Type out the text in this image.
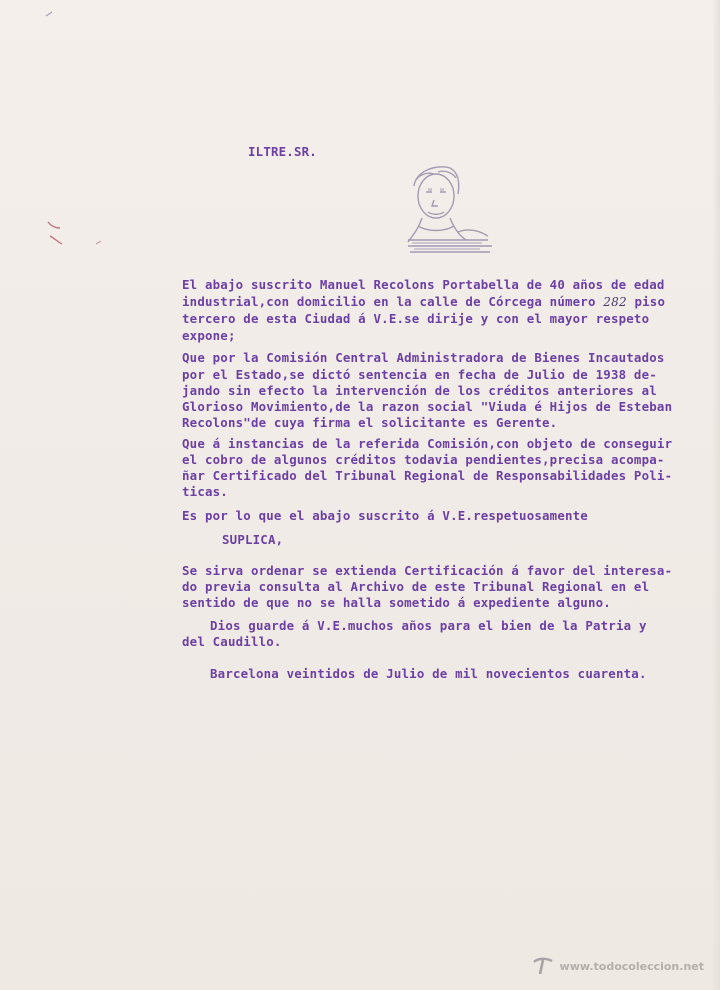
ILTRE.SR.

El abajo suscrito Manuel Recolons Portabella de 40 años de edad

industrial,con domicilio en la calle de Córcega número 282 piso

tercero de esta Ciudad á V.E.se dirije y con el mayor respeto

expone;

Que por la Comisión Central Administradora de Bienes Incautados

por el Estado,se dictó sentencia en fecha de Julio de 1938 de-

jando sin efecto la intervención de los créditos anteriores al

Glorioso Movimiento,de la razon social "Viuda é Hijos de Esteban

Recolons"de cuya firma el solicitante es Gerente.

Que á instancias de la referida Comisión,con objeto de conseguir

el cobro de algunos créditos todavia pendientes,precisa acompa-

ñar Certificado del Tribunal Regional de Responsabilidades Poli-

ticas.

Es por lo que el abajo suscrito á V.E.respetuosamente

SUPLICA,

Se sirva ordenar se extienda Certificación á favor del interesa-

do previa consulta al Archivo de este Tribunal Regional en el

sentido de que no se halla sometido á expediente alguno.

Dios guarde á V.E.muchos años para el bien de la Patria y

del Caudillo.

Barcelona veintidos de Julio de mil novecientos cuarenta.

www.todocoleccion.net
